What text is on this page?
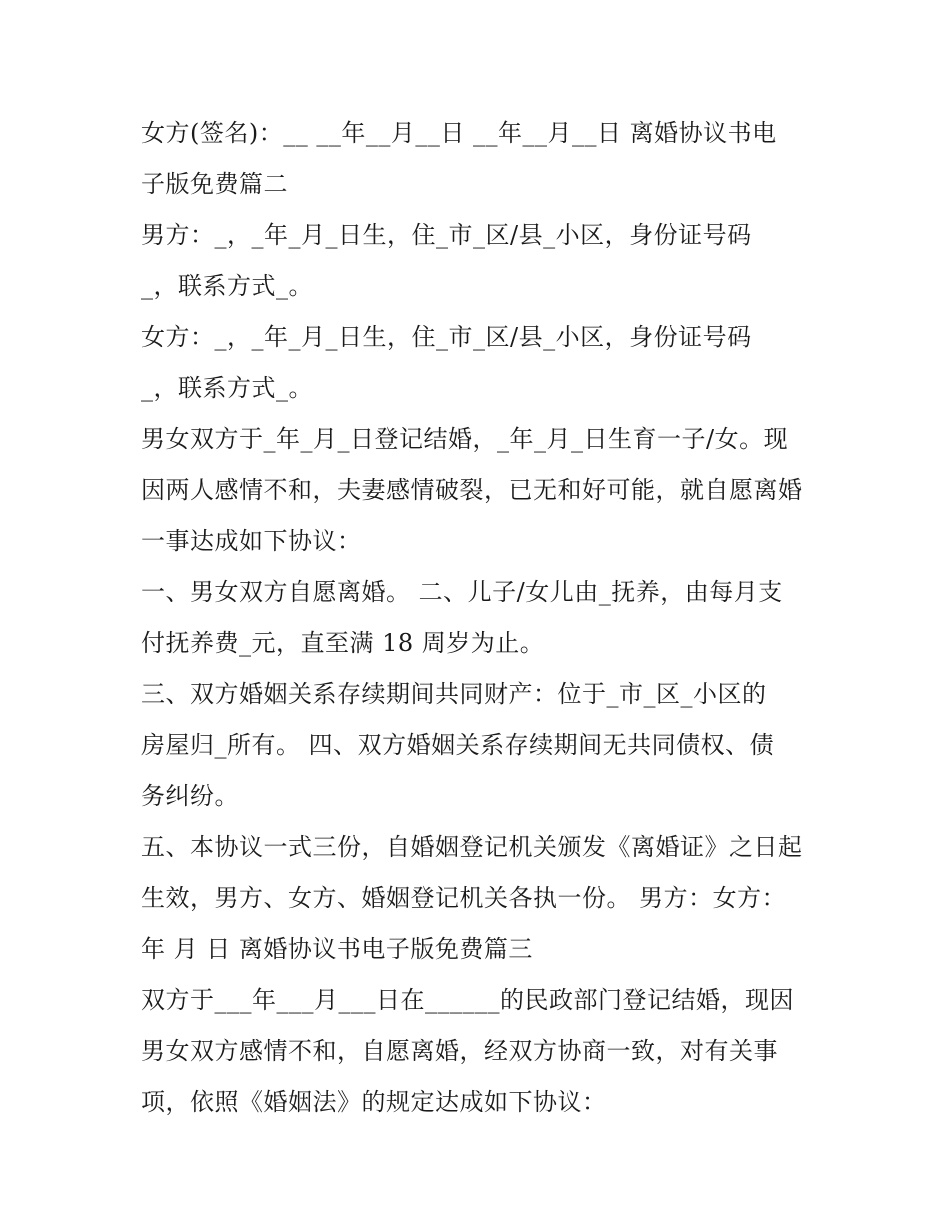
女方(签名)：__ __年__月__日 __年__月__日 离婚协议书电
子版免费篇二
男方：_，_年_月_日生，住_市_区/县_小区，身份证号码
_，联系方式_。
女方：_，_年_月_日生，住_市_区/县_小区，身份证号码
_，联系方式_。
男女双方于_年_月_日登记结婚，_年_月_日生育一子/女。现
因两人感情不和，夫妻感情破裂，已无和好可能，就自愿离婚
一事达成如下协议：
一、男女双方自愿离婚。 二、儿子/女儿由_抚养，由每月支
付抚养费_元，直至满 18 周岁为止。
三、双方婚姻关系存续期间共同财产：位于_市_区_小区的
房屋归_所有。 四、双方婚姻关系存续期间无共同债权、债
务纠纷。
五、本协议一式三份，自婚姻登记机关颁发《离婚证》之日起
生效，男方、女方、婚姻登记机关各执一份。 男方：女方：
年 月 日 离婚协议书电子版免费篇三
双方于___年___月___日在______的民政部门登记结婚，现因
男女双方感情不和，自愿离婚，经双方协商一致，对有关事
项，依照《婚姻法》的规定达成如下协议：
